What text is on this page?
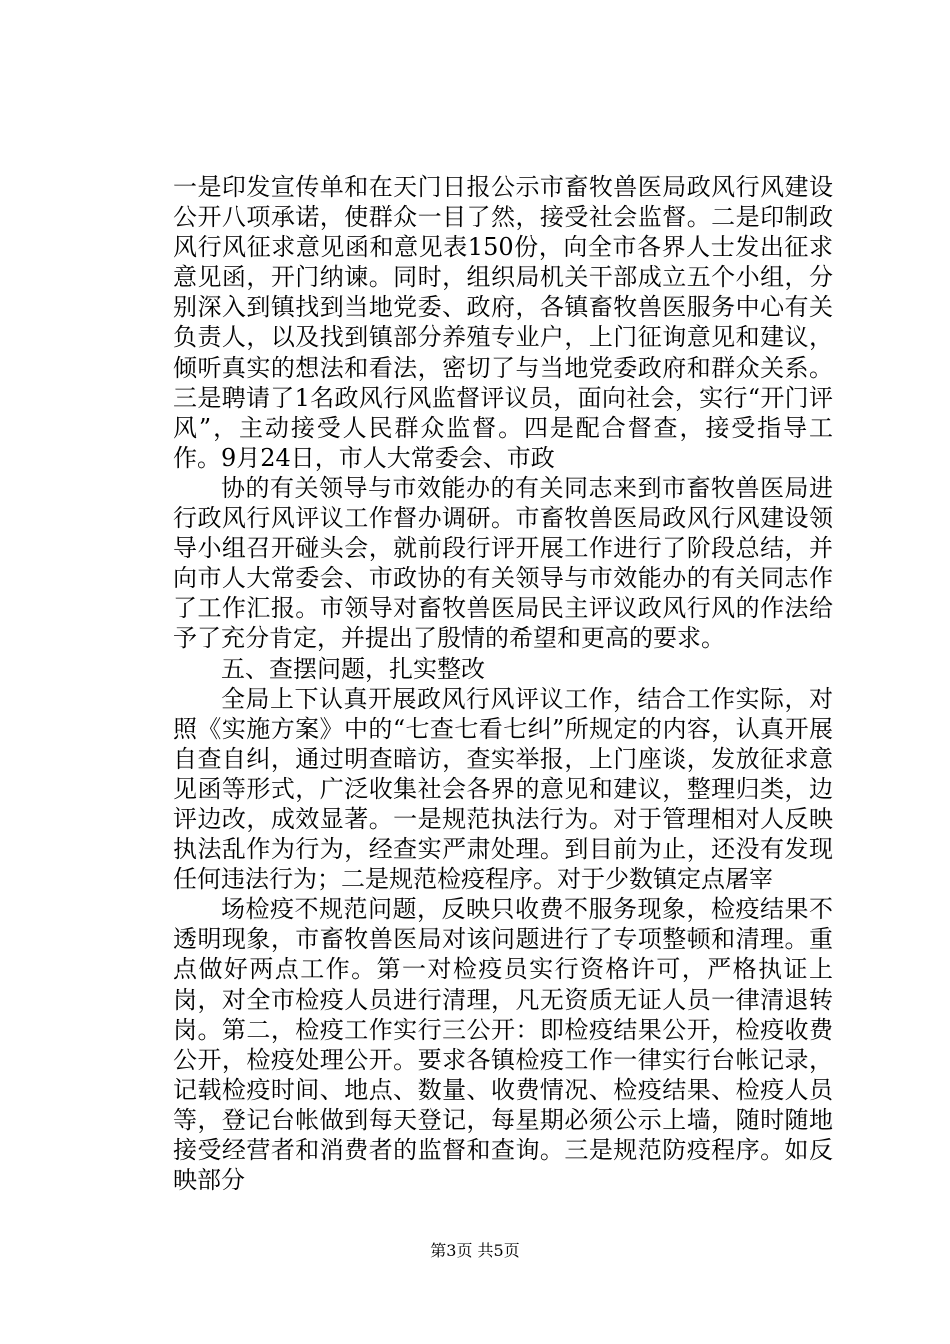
一是印发宣传单和在天门日报公示市畜牧兽医局政风行风建设公开八项承诺，使群众一目了然，接受社会监督。二是印制政风行风征求意见函和意见表150份，向全市各界人士发出征求意见函，开门纳谏。同时，组织局机关干部成立五个小组，分别深入到镇找到当地党委、政府，各镇畜牧兽医服务中心有关负责人，以及找到镇部分养殖专业户，上门征询意见和建议，倾听真实的想法和看法，密切了与当地党委政府和群众关系。三是聘请了1名政风行风监督评议员，面向社会，实行“开门评风”，主动接受人民群众监督。四是配合督查，接受指导工作。9月24日，市人大常委会、市政

协的有关领导与市效能办的有关同志来到市畜牧兽医局进行政风行风评议工作督办调研。市畜牧兽医局政风行风建设领导小组召开碰头会，就前段行评开展工作进行了阶段总结，并向市人大常委会、市政协的有关领导与市效能办的有关同志作了工作汇报。市领导对畜牧兽医局民主评议政风行风的作法给予了充分肯定，并提出了殷情的希望和更高的要求。

五、查摆问题，扎实整改

全局上下认真开展政风行风评议工作，结合工作实际，对照《实施方案》中的“七查七看七纠”所规定的内容，认真开展自查自纠，通过明查暗访，查实举报，上门座谈，发放征求意见函等形式，广泛收集社会各界的意见和建议，整理归类，边评边改，成效显著。一是规范执法行为。对于管理相对人反映执法乱作为行为，经查实严肃处理。到目前为止，还没有发现任何违法行为；二是规范检疫程序。对于少数镇定点屠宰

场检疫不规范问题，反映只收费不服务现象，检疫结果不透明现象，市畜牧兽医局对该问题进行了专项整顿和清理。重点做好两点工作。第一对检疫员实行资格许可，严格执证上岗，对全市检疫人员进行清理，凡无资质无证人员一律清退转岗。第二，检疫工作实行三公开：即检疫结果公开，检疫收费公开，检疫处理公开。要求各镇检疫工作一律实行台帐记录，记载检疫时间、地点、数量、收费情况、检疫结果、检疫人员等，登记台帐做到每天登记，每星期必须公示上墙，随时随地接受经营者和消费者的监督和查询。三是规范防疫程序。如反映部分

第3页 共5页
